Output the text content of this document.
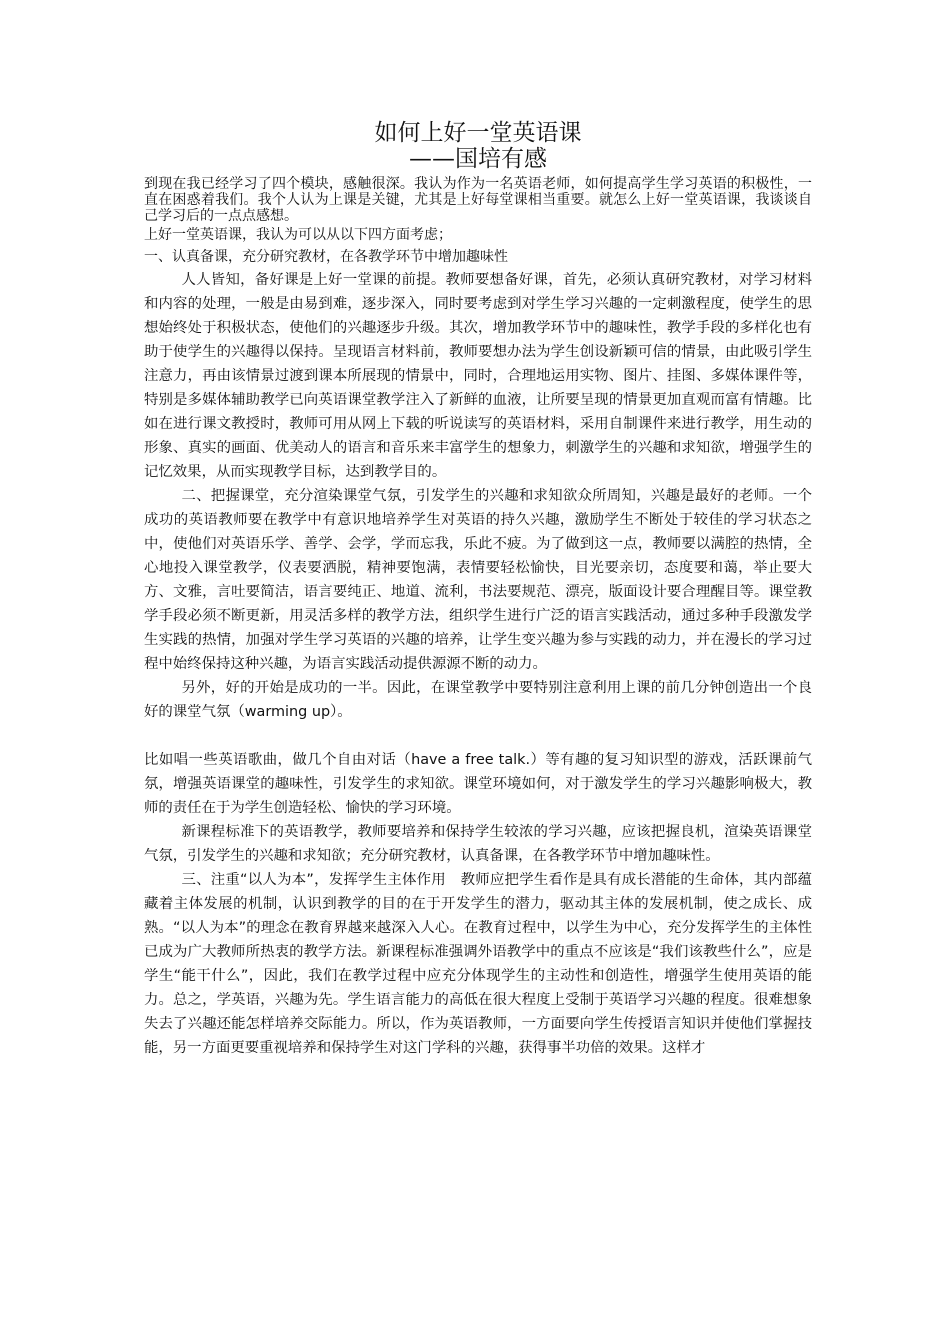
如何上好一堂英语课
——国培有感

到现在我已经学习了四个模块，感触很深。我认为作为一名英语老师，如何提高学生学习英语的积极性，一直在困惑着我们。我个人认为上课是关键，尤其是上好每堂课相当重要。就怎么上好一堂英语课，我谈谈自己学习后的一点点感想。

上好一堂英语课，我认为可以从以下四方面考虑；

一、认真备课，充分研究教材，在各教学环节中增加趣味性

人人皆知，备好课是上好一堂课的前提。教师要想备好课，首先，必须认真研究教材，对学习材料和内容的处理，一般是由易到难，逐步深入，同时要考虑到对学生学习兴趣的一定刺激程度，使学生的思想始终处于积极状态，使他们的兴趣逐步升级。其次，增加教学环节中的趣味性，教学手段的多样化也有助于使学生的兴趣得以保持。呈现语言材料前，教师要想办法为学生创设新颖可信的情景，由此吸引学生注意力，再由该情景过渡到课本所展现的情景中，同时，合理地运用实物、图片、挂图、多媒体课件等，特别是多媒体辅助教学已向英语课堂教学注入了新鲜的血液，让所要呈现的情景更加直观而富有情趣。比如在进行课文教授时，教师可用从网上下载的听说读写的英语材料，采用自制课件来进行教学，用生动的形象、真实的画面、优美动人的语言和音乐来丰富学生的想象力，刺激学生的兴趣和求知欲，增强学生的记忆效果，从而实现教学目标，达到教学目的。

二、把握课堂，充分渲染课堂气氛，引发学生的兴趣和求知欲众所周知，兴趣是最好的老师。一个成功的英语教师要在教学中有意识地培养学生对英语的持久兴趣，激励学生不断处于较佳的学习状态之中，使他们对英语乐学、善学、会学，学而忘我，乐此不疲。为了做到这一点，教师要以满腔的热情，全心地投入课堂教学，仪表要洒脱，精神要饱满，表情要轻松愉快，目光要亲切，态度要和蔼，举止要大方、文雅，言吐要简洁，语言要纯正、地道、流利，书法要规范、漂亮，版面设计要合理醒目等。课堂教学手段必须不断更新，用灵活多样的教学方法，组织学生进行广泛的语言实践活动，通过多种手段激发学生实践的热情，加强对学生学习英语的兴趣的培养，让学生变兴趣为参与实践的动力，并在漫长的学习过程中始终保持这种兴趣，为语言实践活动提供源源不断的动力。

另外，好的开始是成功的一半。因此，在课堂教学中要特别注意利用上课的前几分钟创造出一个良好的课堂气氛（warming up）。

比如唱一些英语歌曲，做几个自由对话（have a free talk.）等有趣的复习知识型的游戏，活跃课前气氛，增强英语课堂的趣味性，引发学生的求知欲。课堂环境如何，对于激发学生的学习兴趣影响极大，教师的责任在于为学生创造轻松、愉快的学习环境。

新课程标准下的英语教学，教师要培养和保持学生较浓的学习兴趣，应该把握良机，渲染英语课堂气氛，引发学生的兴趣和求知欲；充分研究教材，认真备课，在各教学环节中增加趣味性。

三、注重“以人为本”，发挥学生主体作用　教师应把学生看作是具有成长潜能的生命体，其内部蕴藏着主体发展的机制，认识到教学的目的在于开发学生的潜力，驱动其主体的发展机制，使之成长、成熟。“以人为本”的理念在教育界越来越深入人心。在教育过程中，以学生为中心，充分发挥学生的主体性已成为广大教师所热衷的教学方法。新课程标准强调外语教学中的重点不应该是“我们该教些什么”，应是学生“能干什么”，因此，我们在教学过程中应充分体现学生的主动性和创造性，增强学生使用英语的能力。总之，学英语，兴趣为先。学生语言能力的高低在很大程度上受制于英语学习兴趣的程度。很难想象失去了兴趣还能怎样培养交际能力。所以，作为英语教师，一方面要向学生传授语言知识并使他们掌握技能，另一方面更要重视培养和保持学生对这门学科的兴趣，获得事半功倍的效果。这样才
